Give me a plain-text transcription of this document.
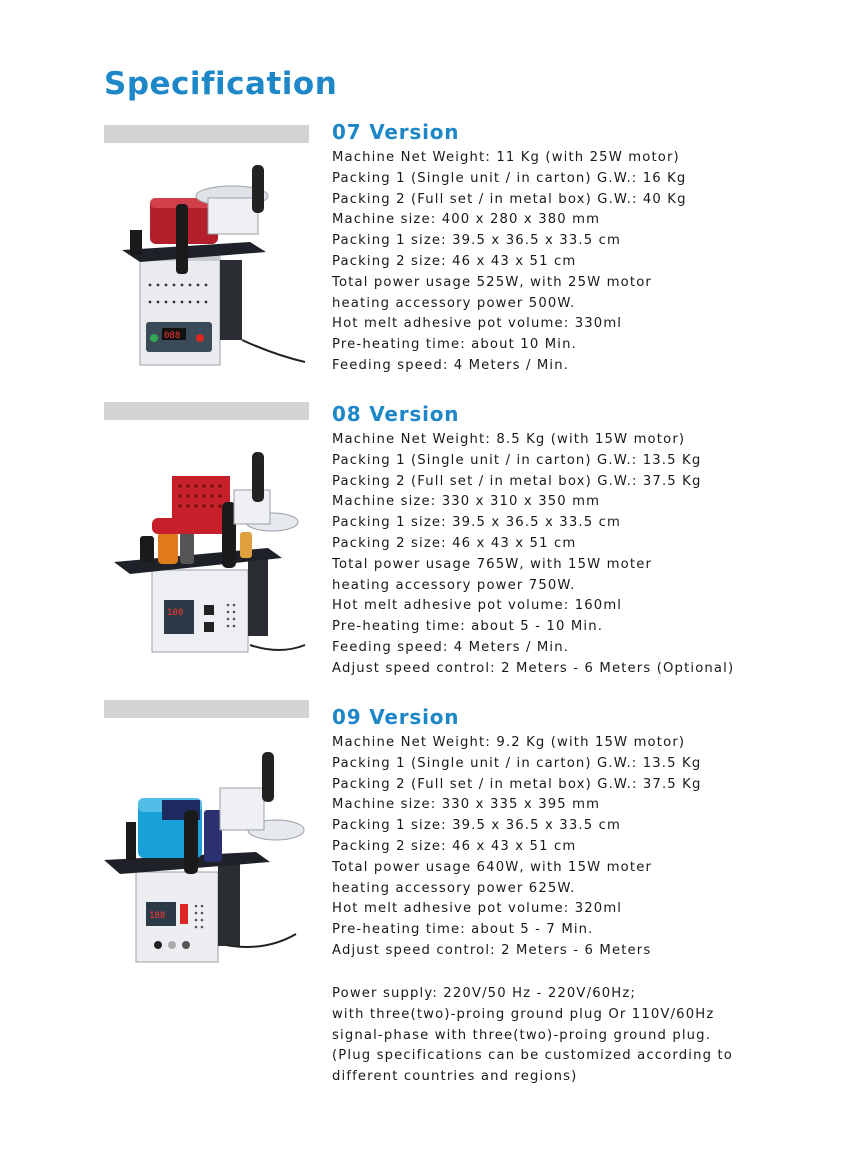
Specification
07 Version
Machine Net Weight: 11 Kg (with 25W motor)
Packing 1 (Single unit / in carton) G.W.: 16 Kg
Packing 2 (Full set / in metal box) G.W.: 40 Kg
Machine size: 400 x 280 x 380 mm
Packing 1 size: 39.5 x 36.5 x 33.5 cm
Packing 2 size: 46 x 43 x 51 cm
Total power usage 525W, with 25W motor
heating accessory power 500W.
Hot melt adhesive pot volume: 330ml
Pre-heating time: about 10 Min.
Feeding speed: 4 Meters / Min.
088
08 Version
Machine Net Weight: 8.5 Kg (with 15W motor)
Packing 1 (Single unit / in carton) G.W.: 13.5 Kg
Packing 2 (Full set / in metal box) G.W.: 37.5 Kg
Machine size: 330 x 310 x 350 mm
Packing 1 size: 39.5 x 36.5 x 33.5 cm
Packing 2 size: 46 x 43 x 51 cm
Total power usage 765W, with 15W moter
heating accessory power 750W.
Hot melt adhesive pot volume: 160ml
Pre-heating time: about 5 - 10 Min.
Feeding speed: 4 Meters / Min.
Adjust speed control: 2 Meters - 6 Meters (Optional)
100
09 Version
Machine Net Weight: 9.2 Kg (with 15W motor)
Packing 1 (Single unit / in carton) G.W.: 13.5 Kg
Packing 2 (Full set / in metal box) G.W.: 37.5 Kg
Machine size: 330 x 335 x 395 mm
Packing 1 size: 39.5 x 36.5 x 33.5 cm
Packing 2 size: 46 x 43 x 51 cm
Total power usage 640W, with 15W moter
heating accessory power 625W.
Hot melt adhesive pot volume: 320ml
Pre-heating time: about 5 - 7 Min.
Adjust speed control: 2 Meters - 6 Meters
188
Power supply: 220V/50 Hz - 220V/60Hz;
with three(two)-proing ground plug Or 110V/60Hz
signal-phase with three(two)-proing ground plug.
(Plug specifications can be customized according to
different countries and regions)
